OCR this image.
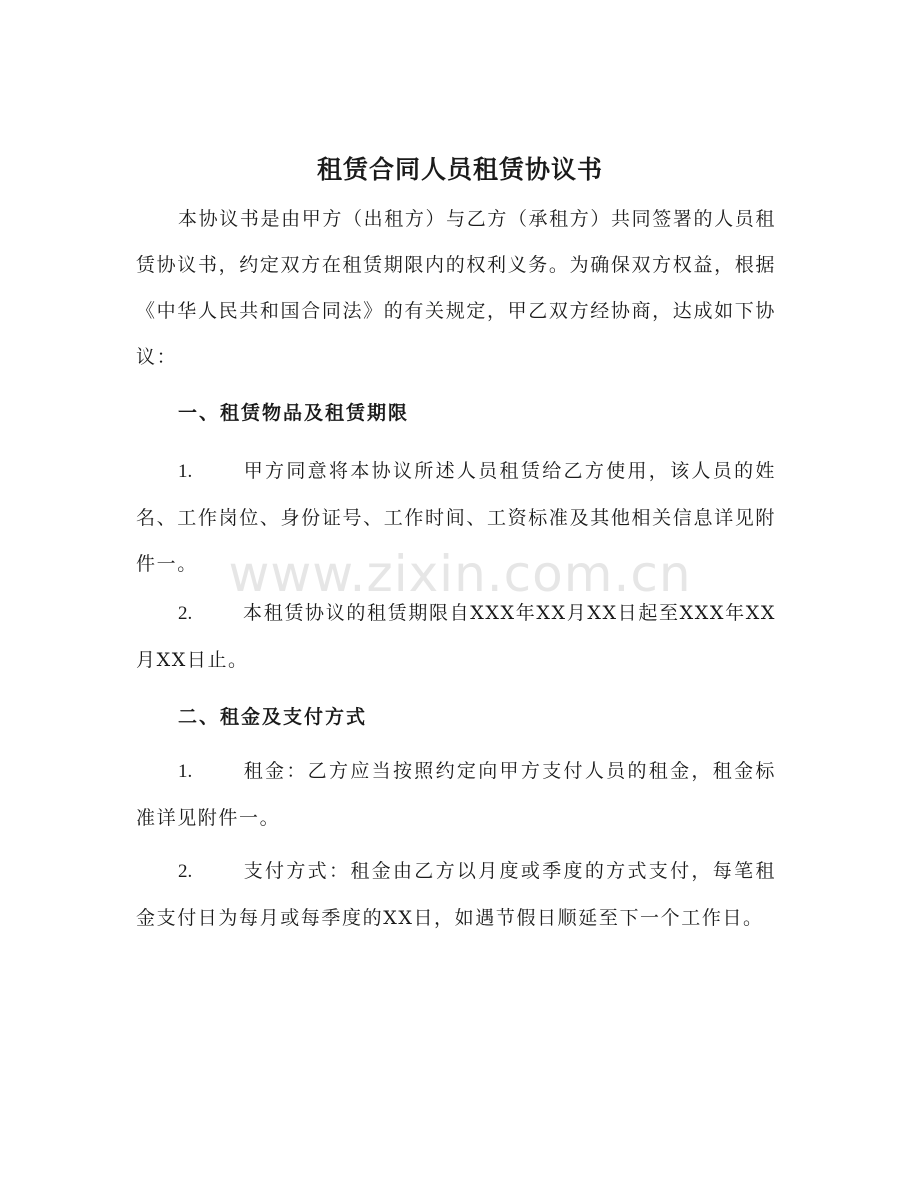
租赁合同人员租赁协议书

本协议书是由甲方（出租方）与乙方（承租方）共同签署的人员租赁协议书，约定双方在租赁期限内的权利义务。为确保双方权益，根据《中华人民共和国合同法》的有关规定，甲乙双方经协商，达成如下协议：

一、租赁物品及租赁期限

1.	甲方同意将本协议所述人员租赁给乙方使用，该人员的姓名、工作岗位、身份证号、工作时间、工资标准及其他相关信息详见附件一。

2.	本租赁协议的租赁期限自XXX年XX月XX日起至XXX年XX月XX日止。

二、租金及支付方式

1.	租金：乙方应当按照约定向甲方支付人员的租金，租金标准详见附件一。

2.	支付方式：租金由乙方以月度或季度的方式支付，每笔租金支付日为每月或每季度的XX日，如遇节假日顺延至下一个工作日。

www.zixin.com.cn
